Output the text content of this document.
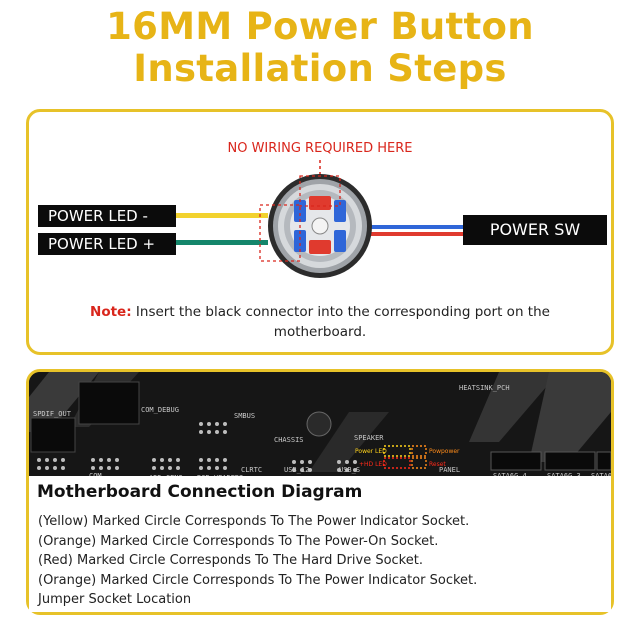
16MM Power Button
Installation Steps
NO WIRING REQUIRED HERE
POWER LED -
POWER LED +
POWER SW
Note: Insert the black connector into the corresponding port on the motherboard.
SPDIF_OUT	COM_DEBUG
SMBUS
CHASSIS	SPEAKER
HEATSINK_PCH
CLRTC	USB_12	USB_S	PANEL
Power LED	Powpower
+HD LED	Reset
Motherboard Connection Diagram
(Yellow) Marked Circle Corresponds To The Power Indicator Socket.
(Orange) Marked Circle Corresponds To The Power-On Socket.
(Red) Marked Circle Corresponds To The Hard Drive Socket.
(Orange) Marked Circle Corresponds To The Power Indicator Socket.
Jumper Socket Location
